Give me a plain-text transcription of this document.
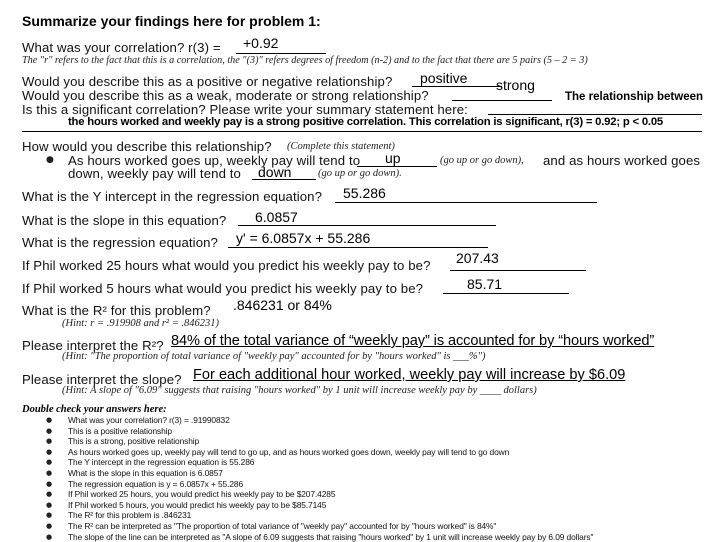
Summarize your findings here for problem 1:
What was your correlation? r(3) = +0.92
The "r" refers to the fact that this is a correlation, the "(3)" refers degrees of freedom (n-2) and to the fact that there are 5 pairs (5 – 2 = 3)
Would you describe this as a positive or negative relationship? positive
Would you describe this as a weak, moderate or strong relationship?
strong
Is this a significant correlation? Please write your summary statement here:
The relationship between
the hours worked and weekly pay is a strong positive correlation. This correlation is significant, r(3) = 0.92; p < 0.05
How would you describe this relationship? (Complete this statement)
● As hours worked goes up, weekly pay will tend to up	(go up or go down), and as hours worked goes
down, weekly pay will tend to down	(go up or go down).
What is the Y intercept in the regression equation? 55.286
What is the slope in this equation? 6.0857
What is the regression equation? y' = 6.0857x + 55.286
If Phil worked 25 hours what would you predict his weekly pay to be? 207.43
If Phil worked 5 hours what would you predict his weekly pay to be?	85.71
What is the R² for this problem? .846231 or 84%
(Hint: r = .919908 and r² = .846231)
Please interpret the R²? 84% of the total variance of “weekly pay” is accounted for by “hours worked”
(Hint: "The proportion of total variance of "weekly pay" accounted for by "hours worked" is ___%")
Please interpret the slope? For each additional hour worked, weekly pay will increase by $6.09
(Hint: A slope of "6.09" suggests that raising "hours worked" by 1 unit will increase weekly pay by ____ dollars)
Double check your answers here:
● What was your correlation? r(3) = .91990832
● This is a positive relationship
● This is a strong, positive relationship
● As hours worked goes up, weekly pay will tend to go up, and as hours worked goes down, weekly pay will tend to go down
● The Y intercept in the regression equation is 55.286
● What is the slope in this equation is 6.0857
● The regression equation is y = 6.0857x + 55.286
● If Phil worked 25 hours, you would predict his weekly pay to be $207.4285
● If Phil worked 5 hours, you would predict his weekly pay to be $85.7145
● The R² for this problem is .846231
● The R² can be interpreted as "The proportion of total variance of "weekly pay" accounted for by "hours worked" is 84%"
● The slope of the line can be interpreted as "A slope of 6.09 suggests that raising "hours worked" by 1 unit will increase weekly pay by 6.09 dollars"
